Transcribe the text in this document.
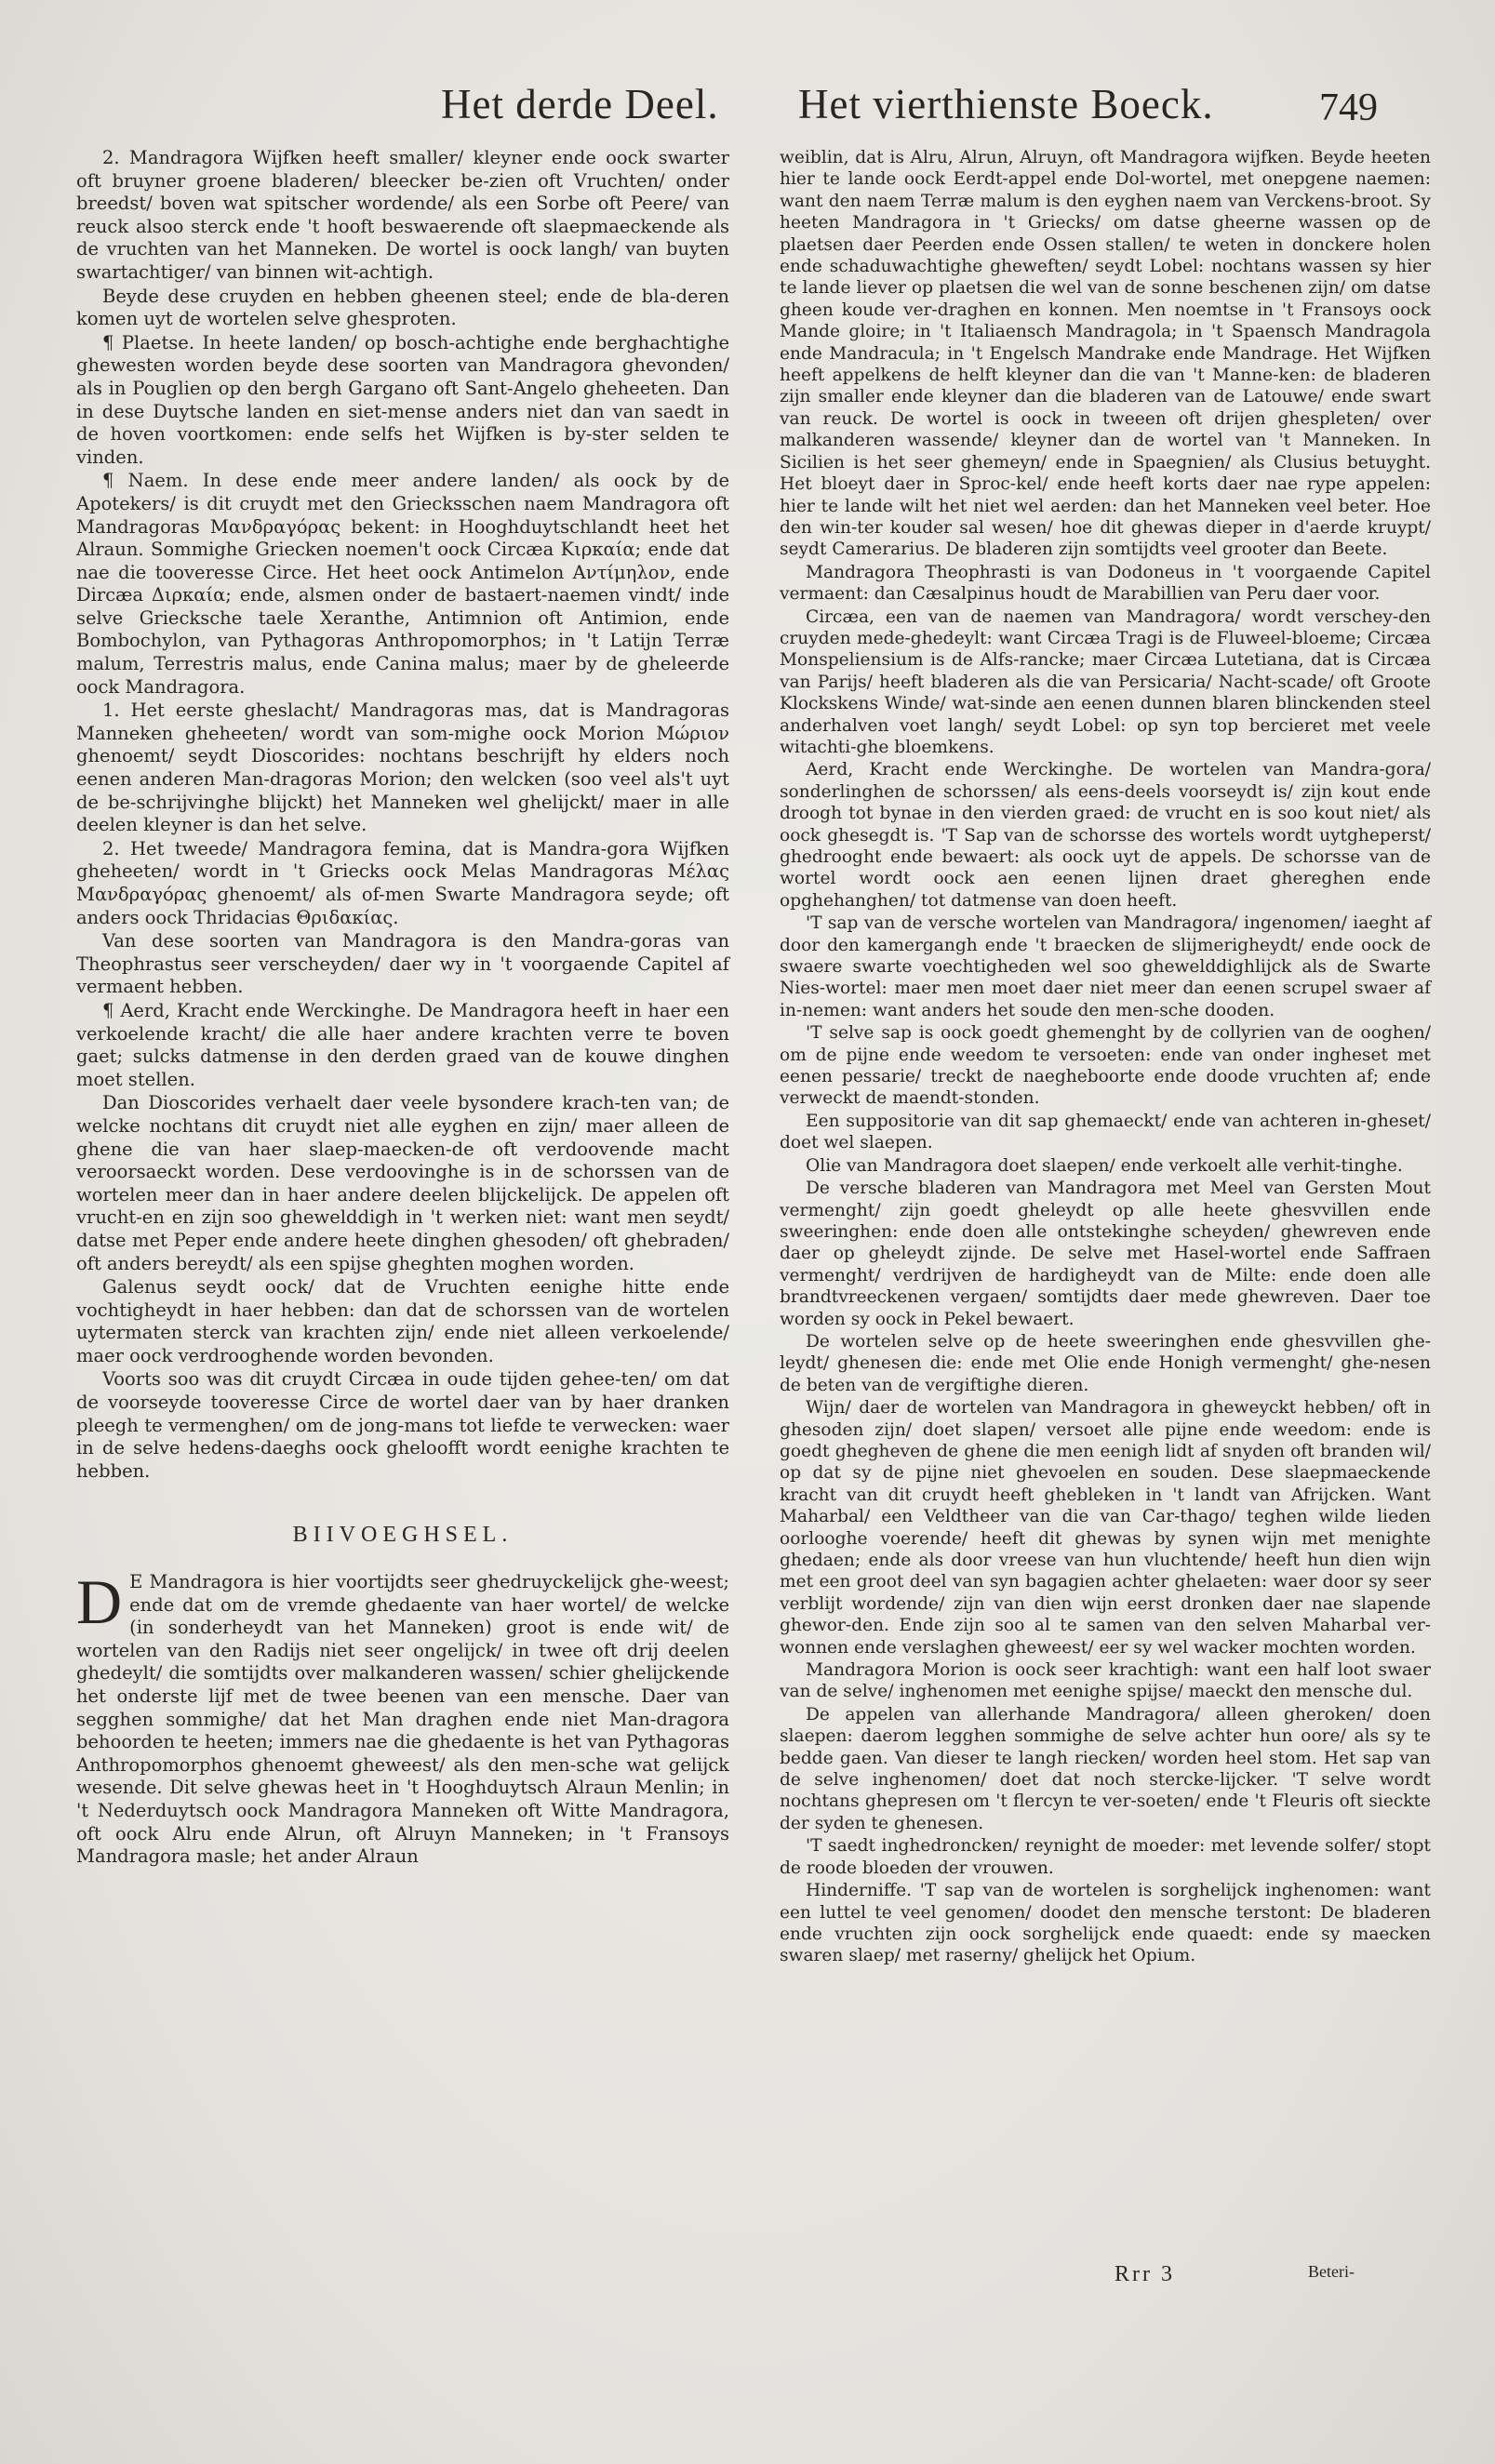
Het derde Deel. Het vierthienste Boeck.	749

2. Mandragora Wijfken heeft smaller/ kleyner ende oock swarter oft bruyner groene bladeren/ bleecker be-zien oft Vruchten/ onder breedst/ boven wat spitscher wordende/ als een Sorbe oft Peere/ van reuck alsoo sterck ende 't hooft beswaerende oft slaepmaeckende als de vruchten van het Manneken. De wortel is oock langh/ van buyten swartachtiger/ van binnen wit-achtigh.

Beyde dese cruyden en hebben gheenen steel; ende de bla-deren komen uyt de wortelen selve ghesproten.

¶ Plaetse. In heete landen/ op bosch-achtighe ende berghachtighe ghewesten worden beyde dese soorten van Mandragora ghevonden/ als in Pouglien op den bergh Gargano oft Sant-Angelo gheheeten. Dan in dese Duytsche landen en siet-mense anders niet dan van saedt in de hoven voortkomen: ende selfs het Wijfken is by-ster selden te vinden.

¶ Naem. In dese ende meer andere landen/ als oock by de Apotekers/ is dit cruydt met den Griecksschen naem Mandragora oft Mandragoras Μανδραγόρας bekent: in Hooghduytschlandt heet het Alraun. Sommighe Griecken noemen't oock Circæa Κιρκαία; ende dat nae die tooveresse Circe. Het heet oock Antimelon Αντίμηλον, ende Dircæa Διρκαία; ende, alsmen onder de bastaert-naemen vindt/ inde selve Griecksche taele Xeranthe, Antimnion oft Antimion, ende Bombochylon, van Pythagoras Anthropomorphos; in 't Latijn Terræ malum, Terrestris malus, ende Canina malus; maer by de gheleerde oock Mandragora.

1. Het eerste gheslacht/ Mandragoras mas, dat is Mandragoras Manneken gheheeten/ wordt van som-mighe oock Morion Μώριον ghenoemt/ seydt Dioscorides: nochtans beschrijft hy elders noch eenen anderen Man-dragoras Morion; den welcken (soo veel als't uyt de be-schrijvinghe blijckt) het Manneken wel ghelijckt/ maer in alle deelen kleyner is dan het selve.

2. Het tweede/ Mandragora femina, dat is Mandra-gora Wijfken gheheeten/ wordt in 't Griecks oock Melas Mandragoras Μέλας Μανδραγόρας ghenoemt/ als of-men Swarte Mandragora seyde; oft anders oock Thridacias Θριδακίας.

Van dese soorten van Mandragora is den Mandra-goras van Theophrastus seer verscheyden/ daer wy in 't voorgaende Capitel af vermaent hebben.

¶ Aerd, Kracht ende Werckinghe. De Mandragora heeft in haer een verkoelende kracht/ die alle haer andere krachten verre te boven gaet; sulcks datmense in den derden graed van de kouwe dinghen moet stellen.

Dan Dioscorides verhaelt daer veele bysondere krach-ten van; de welcke nochtans dit cruydt niet alle eyghen en zijn/ maer alleen de ghene die van haer slaep-maecken-de oft verdoovende macht veroorsaeckt worden. Dese verdoovinghe is in de schorssen van de wortelen meer dan in haer andere deelen blijckelijck. De appelen oft vrucht-en en zijn soo ghewelddigh in 't werken niet: want men seydt/ datse met Peper ende andere heete dinghen ghesoden/ oft ghebraden/ oft anders bereydt/ als een spijse gheghten moghen worden.

Galenus seydt oock/ dat de Vruchten eenighe hitte ende vochtigheydt in haer hebben: dan dat de schorssen van de wortelen uytermaten sterck van krachten zijn/ ende niet alleen verkoelende/ maer oock verdrooghende worden bevonden.

Voorts soo was dit cruydt Circæa in oude tijden gehee-ten/ om dat de voorseyde tooveresse Circe de wortel daer van by haer dranken pleegh te vermenghen/ om de jong-mans tot liefde te verwecken: waer in de selve hedens-daeghs oock gheloofft wordt eenighe krachten te hebben.

BIIVOEGHSEL.

D E Mandragora is hier voortijdts seer ghedruyckelijck ghe-weest; ende dat om de vremde ghedaente van haer wortel/ de welcke (in sonderheydt van het Manneken) groot is ende wit/ de wortelen van den Radijs niet seer ongelijck/ in twee oft drij deelen ghedeylt/ die somtijdts over malkanderen wassen/ schier ghelijckende het onderste lijf met de twee beenen van een mensche. Daer van segghen sommighe/ dat het Man draghen ende niet Man-dragora behoorden te heeten; immers nae die ghedaente is het van Pythagoras Anthropomorphos ghenoemt gheweest/ als den men-sche wat gelijck wesende. Dit selve ghewas heet in 't Hooghduytsch Alraun Menlin; in 't Nederduytsch oock Mandragora Manneken oft Witte Mandragora, oft oock Alru ende Alrun, oft Alruyn Manneken; in 't Fransoys Mandragora masle; het ander Alraun

weiblin, dat is Alru, Alrun, Alruyn, oft Mandragora wijfken. Beyde heeten hier te lande oock Eerdt-appel ende Dol-wortel, met onepgene naemen: want den naem Terræ malum is den eyghen naem van Verckens-broot. Sy heeten Mandragora in 't Griecks/ om datse gheerne wassen op de plaetsen daer Peerden ende Ossen stallen/ te weten in donckere holen ende schaduwachtighe gheweften/ seydt Lobel: nochtans wassen sy hier te lande liever op plaetsen die wel van de sonne beschenen zijn/ om datse gheen koude ver-draghen en konnen. Men noemtse in 't Fransoys oock Mande gloire; in 't Italiaensch Mandragola; in 't Spaensch Mandragola ende Mandracula; in 't Engelsch Mandrake ende Mandrage. Het Wijfken heeft appelkens de helft kleyner dan die van 't Manne-ken: de bladeren zijn smaller ende kleyner dan die bladeren van de Latouwe/ ende swart van reuck. De wortel is oock in tweeen oft drijen ghespleten/ over malkanderen wassende/ kleyner dan de wortel van 't Manneken. In Sicilien is het seer ghemeyn/ ende in Spaegnien/ als Clusius betuyght. Het bloeyt daer in Sproc-kel/ ende heeft korts daer nae rype appelen: hier te lande wilt het niet wel aerden: dan het Manneken veel beter. Hoe den win-ter kouder sal wesen/ hoe dit ghewas dieper in d'aerde kruypt/ seydt Camerarius. De bladeren zijn somtijdts veel grooter dan Beete.

Mandragora Theophrasti is van Dodoneus in 't voorgaende Capitel vermaent: dan Cæsalpinus houdt de Marabillien van Peru daer voor.

Circæa, een van de naemen van Mandragora/ wordt verschey-den cruyden mede-ghedeylt: want Circæa Tragi is de Fluwеel-bloeme; Circæa Monspeliensium is de Alfs-rancke; maer Circæa Lutetiana, dat is Circæa van Parijs/ heeft bladeren als die van Persicaria/ Nacht-scade/ oft Groote Klockskens Winde/ wat-sinde aen eenen dunnen blaren blinckenden steel anderhalven voet langh/ seydt Lobel: op syn top bercieret met veele witachti-ghe bloemkens.

Aerd, Kracht ende Werckinghe. De wortelen van Mandra-gora/ sonderlinghen de schorssen/ als eens-deels voorseydt is/ zijn kout ende droogh tot bynae in den vierden graed: de vrucht en is soo kout niet/ als oock ghesegdt is. 'T Sap van de schorsse des wortels wordt uytgheperst/ ghedrooght ende bewaert: als oock uyt de appels. De schorsse van de wortel wordt oock aen eenen lijnen draet ghereghen ende opghehanghen/ tot datmense van doen heeft.

'T sap van de versche wortelen van Mandragora/ ingenomen/ iaeght af door den kamergangh ende 't braecken de slijmerigheydt/ ende oock de swaere swarte voechtigheden wel soo ghewelddighlijck als de Swarte Nies-wortel: maer men moet daer niet meer dan eenen scrupel swaer af in-nemen: want anders het soude den men-sche dooden.

'T selve sap is oock goedt ghemenght by de collyrien van de ooghen/ om de pijne ende weedom te versoeten: ende van onder ingheset met eenen pessarie/ treckt de naegheboorte ende doode vruchten af; ende verweckt de maendt-stonden.

Een suppositorie van dit sap ghemaeckt/ ende van achteren in-gheset/ doet wel slaepen.

Olie van Mandragora doet slaepen/ ende verkoelt alle verhit-tinghe.

De versche bladeren van Mandragora met Meel van Gersten Mout vermenght/ zijn goedt gheleydt op alle heete ghesvvillen ende sweeringhen: ende doen alle ontstekinghe scheyden/ ghewreven ende daer op gheleydt zijnde. De selve met Hasel-wortel ende Saffraen vermenght/ verdrijven de hardigheydt van de Milte: ende doen alle brandtvreeckenen vergaen/ somtijdts daer mede ghewreven. Daer toe worden sy oock in Pekel bewaert.

De wortelen selve op de heete sweeringhen ende ghesvvillen ghe-leydt/ ghenesen die: ende met Olie ende Honigh vermenght/ ghe-nesen de beten van de vergiftighe dieren.

Wijn/ daer de wortelen van Mandragora in gheweyckt hebben/ oft in ghesoden zijn/ doet slapen/ versoet alle pijne ende weedom: ende is goedt ghegheven de ghene die men eenigh lidt af snyden oft branden wil/ op dat sy de pijne niet ghevoelen en souden. Dese slaepmaeckende kracht van dit cruydt heeft ghebleken in 't landt van Afrijcken. Want Maharbal/ een Veldtheer van die van Car-thago/ teghen wilde lieden oorlooghe voerende/ heeft dit ghewas by synen wijn met menighte ghedaen; ende als door vreese van hun vluchtende/ heeft hun dien wijn met een groot deel van syn bagagien achter ghelaeten: waer door sy seer verblijt wordende/ zijn van dien wijn eerst dronken daer nae slapende ghewor-den. Ende zijn soo al te samen van den selven Maharbal ver-wonnen ende verslaghen gheweest/ eer sy wel wacker mochten worden.

Mandragora Morion is oock seer krachtigh: want een half loot swaer van de selve/ inghenomen met eenighe spijse/ maeckt den mensche dul.

De appelen van allerhande Mandragora/ alleen gheroken/ doen slaepen: daerom legghen sommighe de selve achter hun oore/ als sy te bedde gaen. Van dieser te langh riecken/ worden heel stom. Het sap van de selve inghenomen/ doet dat noch stercke-lijcker. 'T selve wordt nochtans ghepresen om 't flercyn te ver-soeten/ ende 't Fleuris oft sieckte der syden te ghenesen.

'T saedt inghedroncken/ reynight de moeder: met levende solfer/ stopt de roode bloeden der vrouwen.

Hinderniffe. 'T sap van de wortelen is sorghelijck inghenomen: want een luttel te veel genomen/ doodet den mensche terstont: De bladeren ende vruchten zijn oock sorghelijck ende quaedt: ende sy maecken swaren slaep/ met raserny/ ghelijck het Opium.

Rrr 3	Beteri-
